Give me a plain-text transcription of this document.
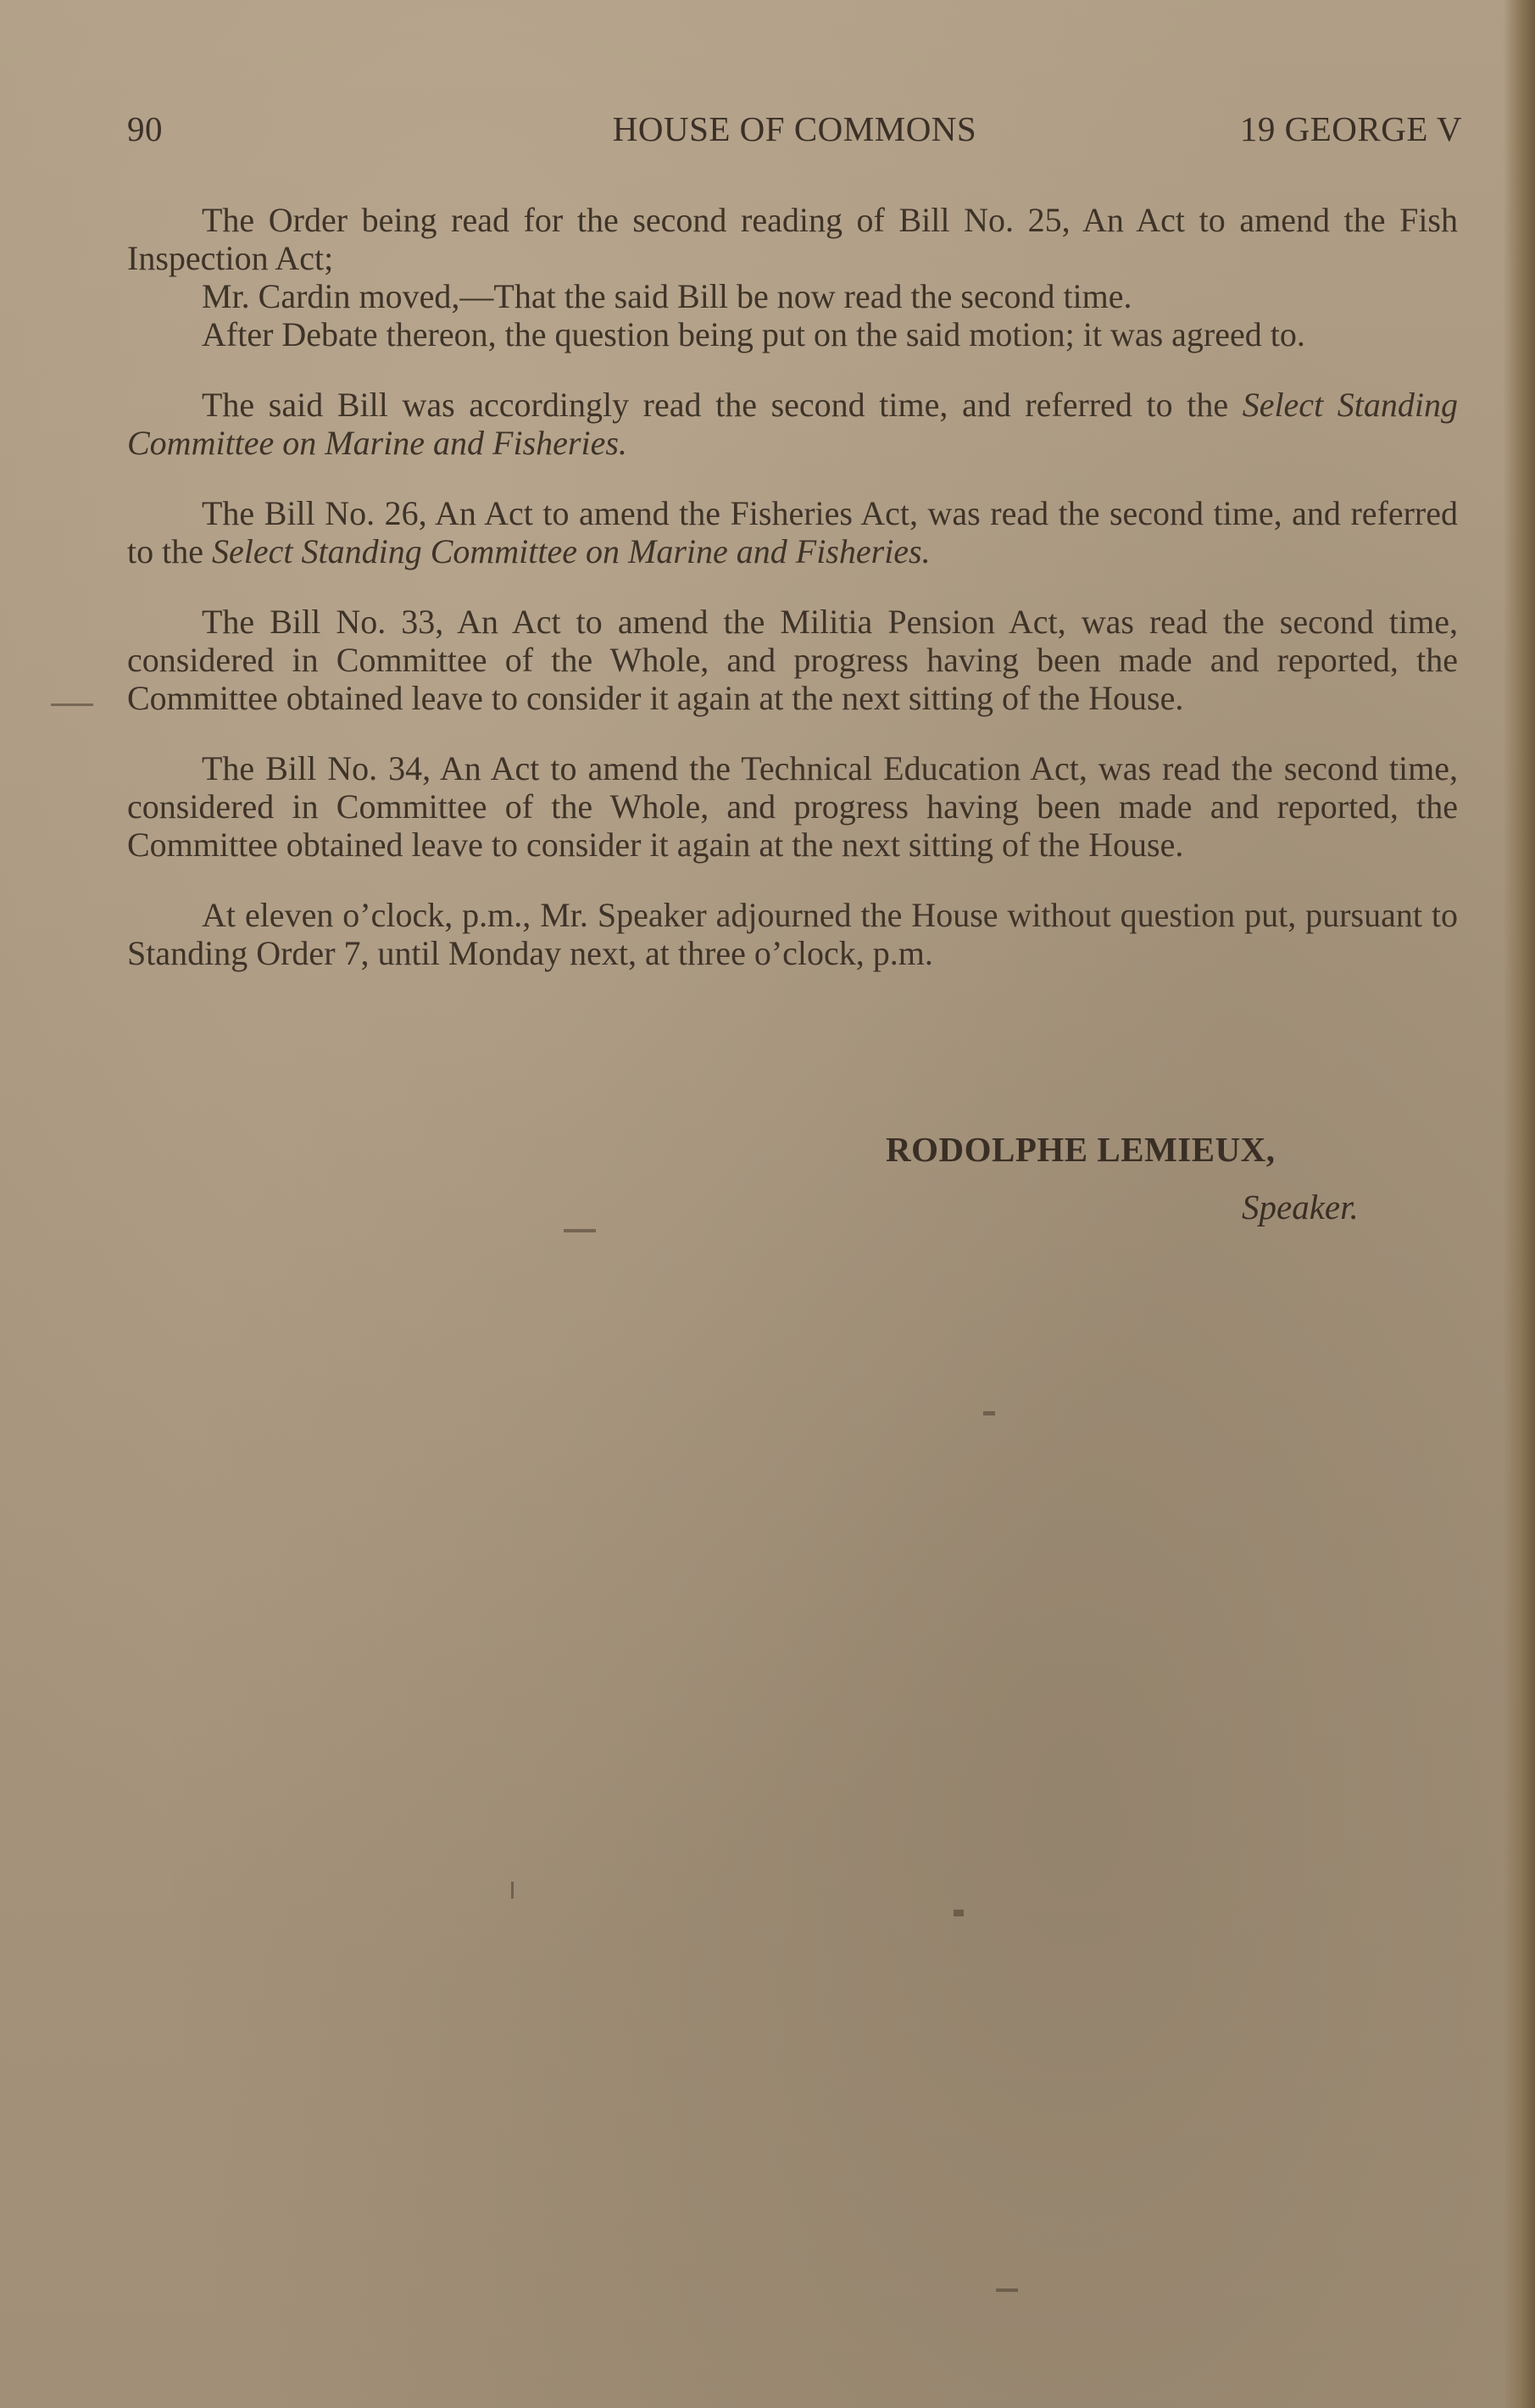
90	HOUSE OF COMMONS	19 GEORGE V

The Order being read for the second reading of Bill No. 25, An Act to amend the Fish Inspection Act;

Mr. Cardin moved,—That the said Bill be now read the second time.

After Debate thereon, the question being put on the said motion; it was agreed to.

The said Bill was accordingly read the second time, and referred to the Select Standing Committee on Marine and Fisheries.

The Bill No. 26, An Act to amend the Fisheries Act, was read the second time, and referred to the Select Standing Committee on Marine and Fisheries.

The Bill No. 33, An Act to amend the Militia Pension Act, was read the second time, considered in Committee of the Whole, and progress having been made and reported, the Committee obtained leave to consider it again at the next sitting of the House.

The Bill No. 34, An Act to amend the Technical Education Act, was read the second time, considered in Committee of the Whole, and progress having been made and reported, the Committee obtained leave to consider it again at the next sitting of the House.

At eleven o’clock, p.m., Mr. Speaker adjourned the House without question put, pursuant to Standing Order 7, until Monday next, at three o’clock, p.m.

RODOLPHE LEMIEUX,
Speaker.
